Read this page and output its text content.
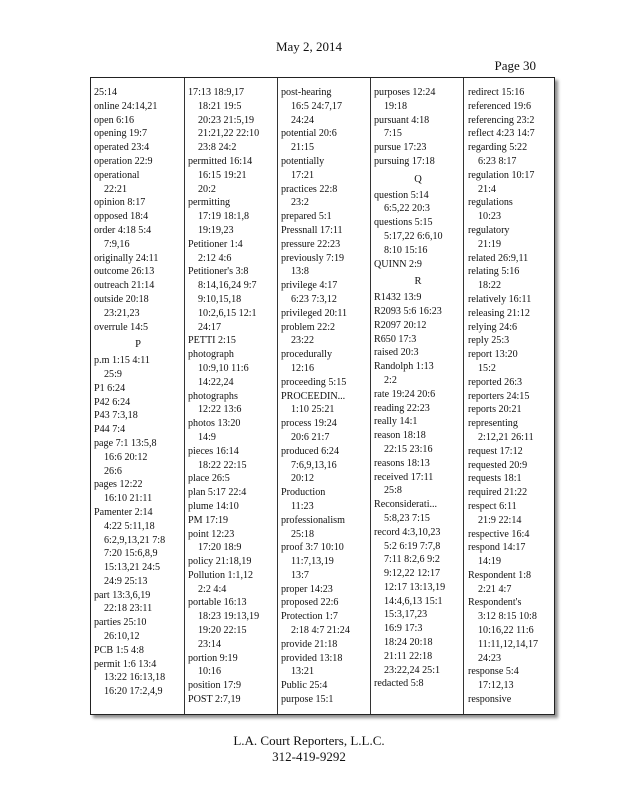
May 2, 2014
Page 30
25:14
online 24:14,21
open 6:16
opening 19:7
operated 23:4
operation 22:9
operational
22:21
opinion 8:17
opposed 18:4
order 4:18 5:4
7:9,16
originally 24:11
outcome 26:13
outreach 21:14
outside 20:18
23:21,23
overrule 14:5
P
p.m 1:15 4:11
25:9
P1 6:24
P42 6:24
P43 7:3,18
P44 7:4
page 7:1 13:5,8
16:6 20:12
26:6
pages 12:22
16:10 21:11
Pamenter 2:14
4:22 5:11,18
6:2,9,13,21 7:8
7:20 15:6,8,9
15:13,21 24:5
24:9 25:13
part 13:3,6,19
22:18 23:11
parties 25:10
26:10,12
PCB 1:5 4:8
permit 1:6 13:4
13:22 16:13,18
16:20 17:2,4,9
17:13 18:9,17
18:21 19:5
20:23 21:5,19
21:21,22 22:10
23:8 24:2
permitted 16:14
16:15 19:21
20:2
permitting
17:19 18:1,8
19:19,23
Petitioner 1:4
2:12 4:6
Petitioner's 3:8
8:14,16,24 9:7
9:10,15,18
10:2,6,15 12:1
24:17
PETTI 2:15
photograph
10:9,10 11:6
14:22,24
photographs
12:22 13:6
photos 13:20
14:9
pieces 16:14
18:22 22:15
place 26:5
plan 5:17 22:4
plume 14:10
PM 17:19
point 12:23
17:20 18:9
policy 21:18,19
Pollution 1:1,12
2:2 4:4
portable 16:13
18:23 19:13,19
19:20 22:15
23:14
portion 9:19
10:16
position 17:9
POST 2:7,19
post-hearing
16:5 24:7,17
24:24
potential 20:6
21:15
potentially
17:21
practices 22:8
23:2
prepared 5:1
Pressnall 17:11
pressure 22:23
previously 7:19
13:8
privilege 4:17
6:23 7:3,12
privileged 20:11
problem 22:2
23:22
procedurally
12:16
proceeding 5:15
PROCEEDIN...
1:10 25:21
process 19:24
20:6 21:7
produced 6:24
7:6,9,13,16
20:12
Production
11:23
professionalism
25:18
proof 3:7 10:10
11:7,13,19
13:7
proper 14:23
proposed 22:6
Protection 1:7
2:18 4:7 21:24
provide 21:18
provided 13:18
13:21
Public 25:4
purpose 15:1
purposes 12:24
19:18
pursuant 4:18
7:15
pursue 17:23
pursuing 17:18
Q
question 5:14
6:5,22 20:3
questions 5:15
5:17,22 6:6,10
8:10 15:16
QUINN 2:9
R
R1432 13:9
R2093 5:6 16:23
R2097 20:12
R650 17:3
raised 20:3
Randolph 1:13
2:2
rate 19:24 20:6
reading 22:23
really 14:1
reason 18:18
22:15 23:16
reasons 18:13
received 17:11
25:8
Reconsiderati...
5:8,23 7:15
record 4:3,10,23
5:2 6:19 7:7,8
7:11 8:2,6 9:2
9:12,22 12:17
12:17 13:13,19
14:4,6,13 15:1
15:3,17,23
16:9 17:3
18:24 20:18
21:11 22:18
23:22,24 25:1
redacted 5:8
redirect 15:16
referenced 19:6
referencing 23:2
reflect 4:23 14:7
regarding 5:22
6:23 8:17
regulation 10:17
21:4
regulations
10:23
regulatory
21:19
related 26:9,11
relating 5:16
18:22
relatively 16:11
releasing 21:12
relying 24:6
reply 25:3
report 13:20
15:2
reported 26:3
reporters 24:15
reports 20:21
representing
2:12,21 26:11
request 17:12
requested 20:9
requests 18:1
required 21:22
respect 6:11
21:9 22:14
respective 16:4
respond 14:17
14:19
Respondent 1:8
2:21 4:7
Respondent's
3:12 8:15 10:8
10:16,22 11:6
11:11,12,14,17
24:23
response 5:4
17:12,13
responsive
L.A. Court Reporters, L.L.C.
312-419-9292
